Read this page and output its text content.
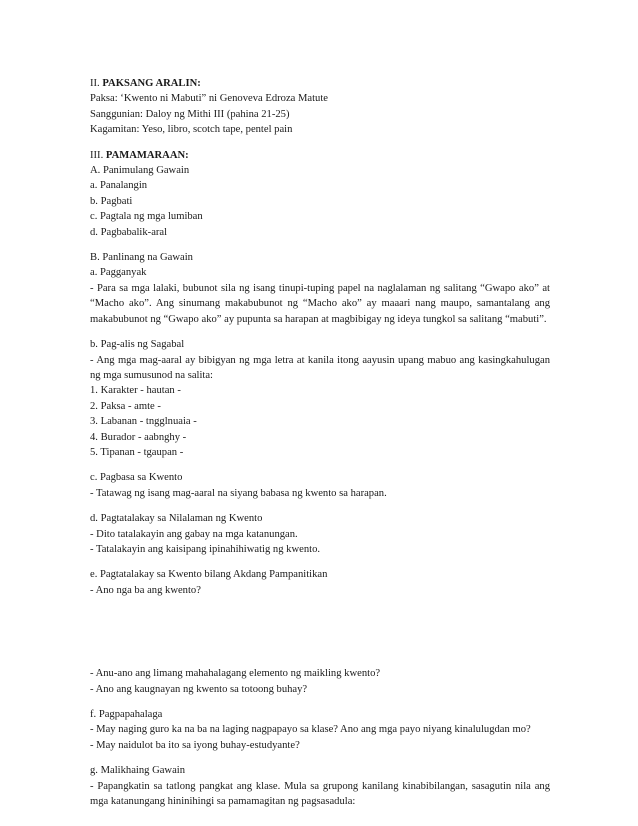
II. PAKSANG ARALIN:
Paksa: ‘Kwento ni Mabuti” ni Genoveva Edroza Matute
Sanggunian: Daloy ng Mithi III (pahina 21-25)
Kagamitan: Yeso, libro, scotch tape, pentel pain
III. PAMAMARAAN:
A. Panimulang Gawain
a. Panalangin
b. Pagbati
c. Pagtala ng mga lumiban
d. Pagbabalik-aral
B. Panlinang na Gawain
a. Pagganyak
- Para sa mga lalaki, bubunot sila ng isang tinupi-tuping papel na naglalaman ng salitang “Gwapo ako” at “Macho ako”. Ang sinumang makabubunot ng “Macho ako” ay maaari nang maupo, samantalang ang makabubunot ng “Gwapo ako” ay pupunta sa harapan at magbibigay ng ideya tungkol sa salitang “mabuti”.
b. Pag-alis ng Sagabal
- Ang mga mag-aaral ay bibigyan ng mga letra at kanila itong aayusin upang mabuo ang kasingkahulugan ng mga sumusunod na salita:
1. Karakter - hautan -
2. Paksa - amte -
3. Labanan - tngglnuaia -
4. Burador - aabnghy -
5. Tipanan - tgaupan -
c. Pagbasa sa Kwento
- Tatawag ng isang mag-aaral na siyang babasa ng kwento sa harapan.
d. Pagtatalakay sa Nilalaman ng Kwento
- Dito tatalakayin ang gabay na mga katanungan.
- Tatalakayin ang kaisipang ipinahihiwatig ng kwento.
e. Pagtatalakay sa Kwento bilang Akdang Pampanitikan
- Ano nga ba ang kwento?
- Anu-ano ang limang mahahalagang elemento ng maikling kwento?
- Ano ang kaugnayan ng kwento sa totoong buhay?
f. Pagpapahalaga
- May naging guro ka na ba na laging nagpapayo sa klase? Ano ang mga payo niyang kinalulugdan mo?
- May naidulot ba ito sa iyong buhay-estudyante?
g. Malikhaing Gawain
- Papangkatin sa tatlong pangkat ang klase. Mula sa grupong kanilang kinabibilangan, sasagutin nila ang mga katanungang hininihingi sa pamamagitan ng pagsasadula:
